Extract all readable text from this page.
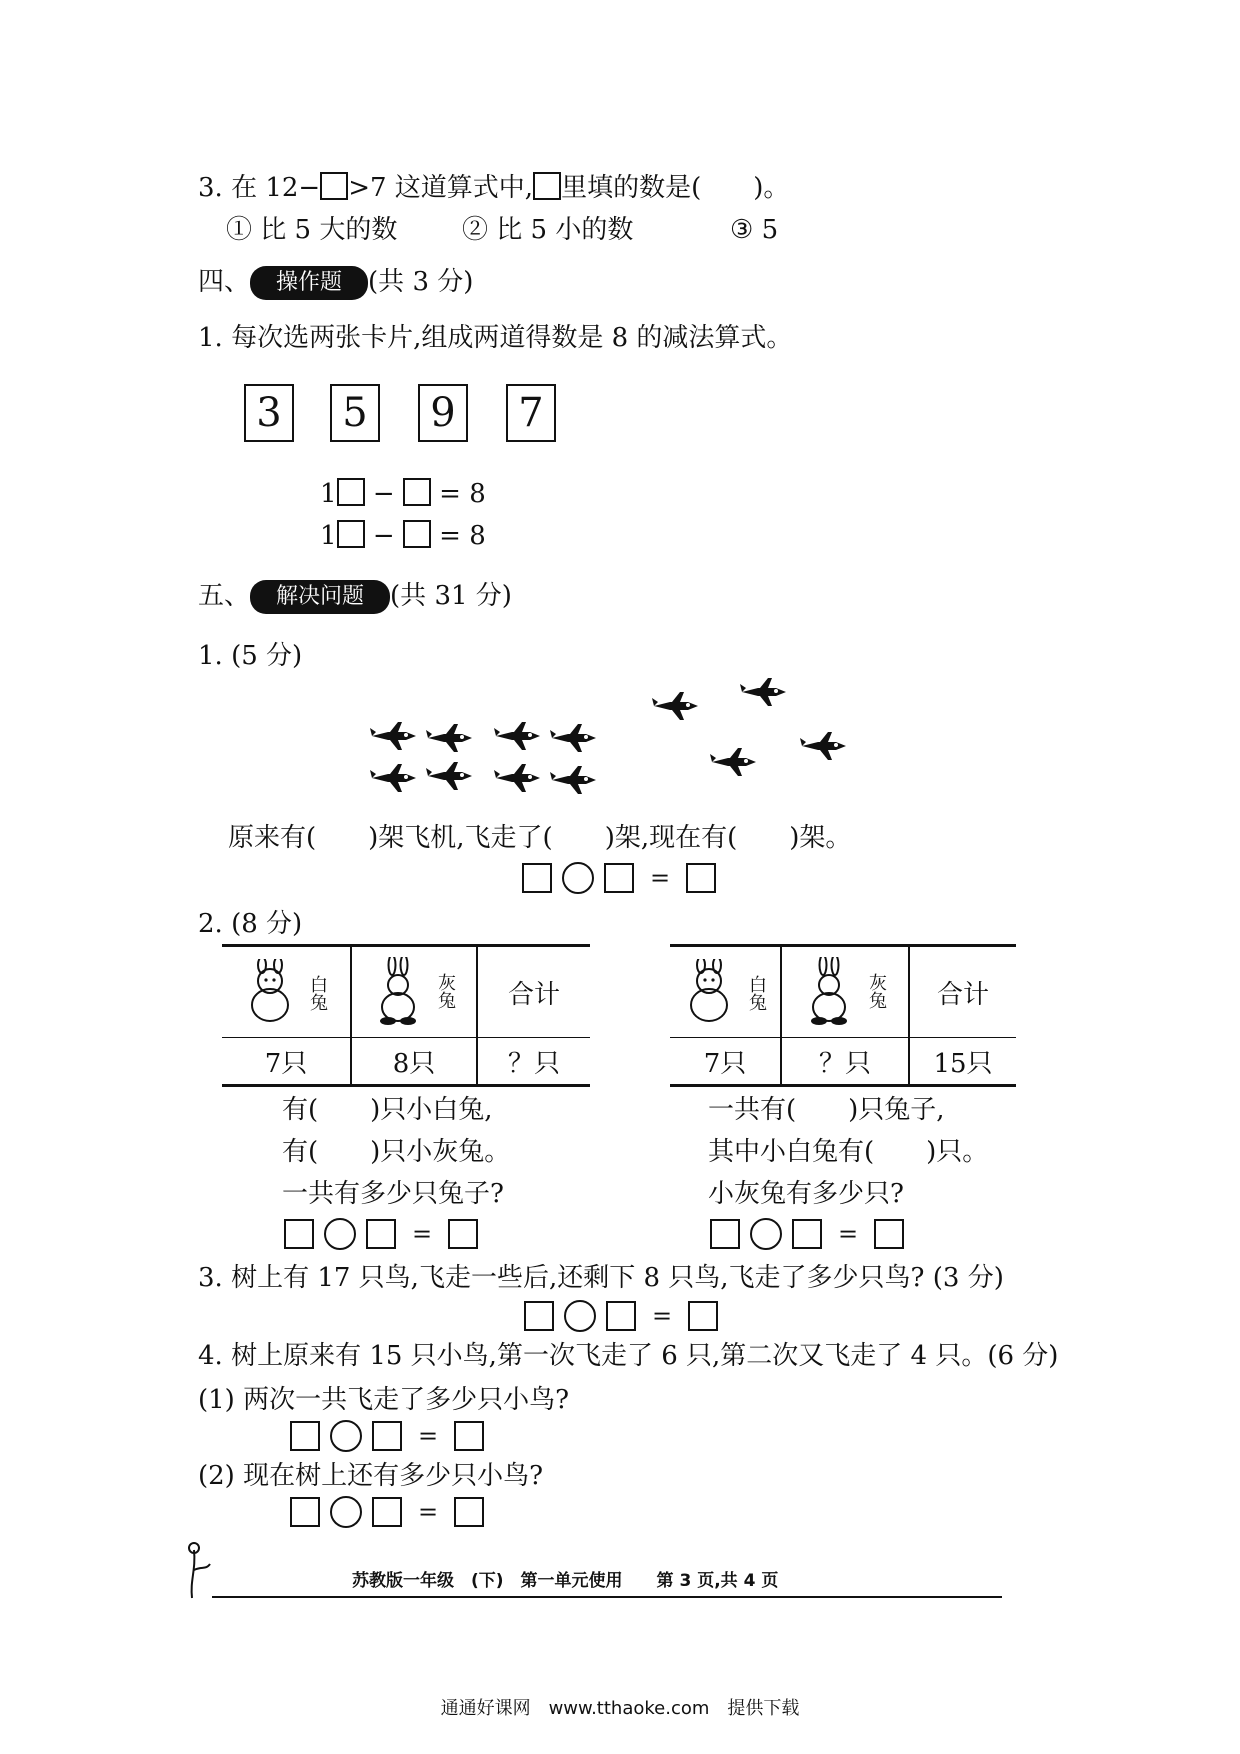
3. 在 12− >7 这道算式中, 里填的数是(　　)。
① 比 5 大的数 ② 比 5 小的数	③ 5
四、 操作题 (共 3 分)
1. 每次选两张卡片,组成两道得数是 8 的减法算式。
3	5	9	7
1 − = 8
1 − = 8
五、 解决问题 (共 31 分)
1. (5 分)
原来有(　　)架飞机,飞走了(　　)架,现在有(　　)架。
=
2. (8 分)
白兔	灰兔	合计
7只	8只	？只
白兔	灰兔	合计
7只	？只	15只
有(　　)只小白兔,
有(　　)只小灰兔。
一共有多少只兔子?
=
一共有(　　)只兔子,
其中小白兔有(　　)只。
小灰兔有多少只?
=
3. 树上有 17 只鸟,飞走一些后,还剩下 8 只鸟,飞走了多少只鸟? (3 分)
=
4. 树上原来有 15 只小鸟,第一次飞走了 6 只,第二次又飞走了 4 只。(6 分)
(1) 两次一共飞走了多少只小鸟?
=
(2) 现在树上还有多少只小鸟?
=
苏教版一年级　(下)　第一单元使用　　第 3 页,共 4 页
通通好课网　www.tthaoke.com　提供下载
